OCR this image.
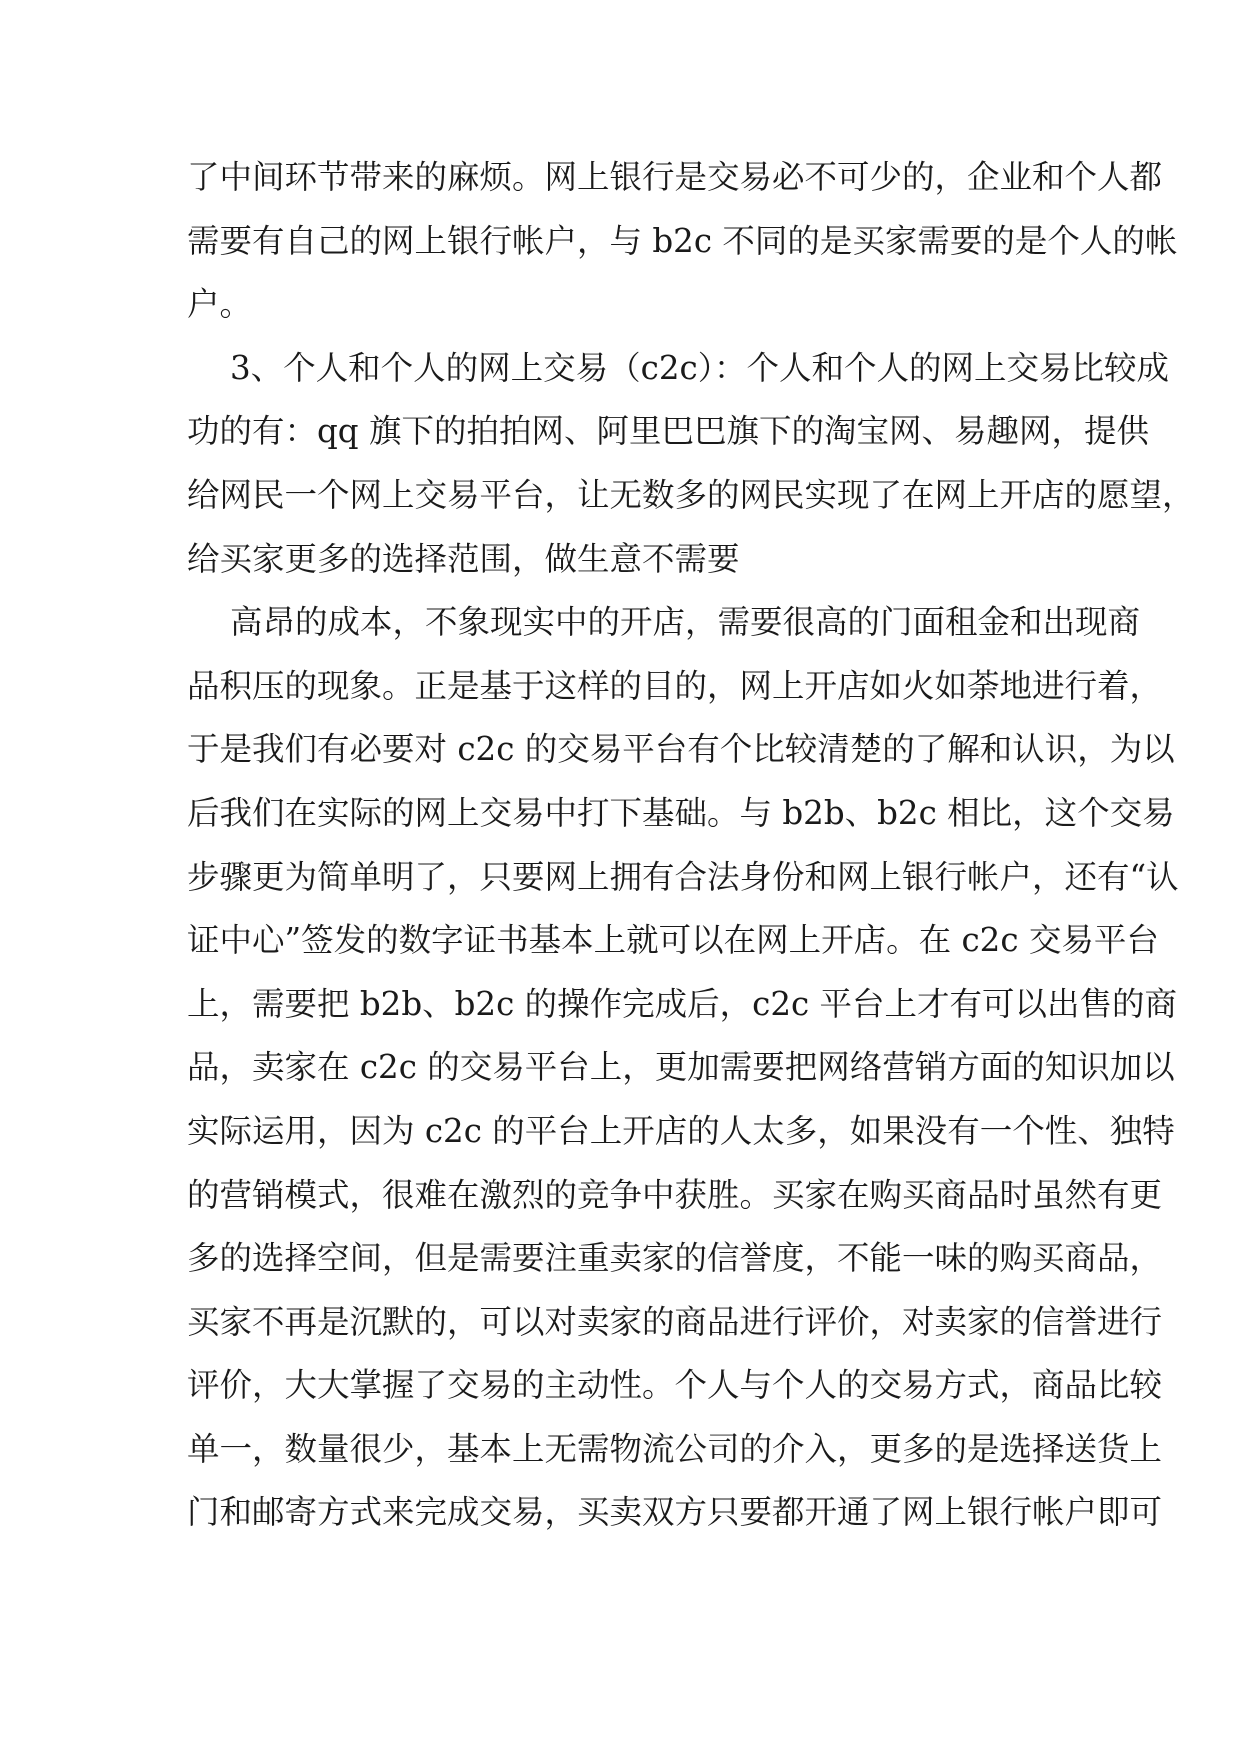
了中间环节带来的麻烦。网上银行是交易必不可少的，企业和个人都
需要有自己的网上银行帐户，与 b2c 不同的是买家需要的是个人的帐
户。
3、个人和个人的网上交易（c2c）：个人和个人的网上交易比较成
功的有：qq 旗下的拍拍网、阿里巴巴旗下的淘宝网、易趣网，提供
给网民一个网上交易平台，让无数多的网民实现了在网上开店的愿望，
给买家更多的选择范围，做生意不需要
高昂的成本，不象现实中的开店，需要很高的门面租金和出现商
品积压的现象。正是基于这样的目的，网上开店如火如荼地进行着，
于是我们有必要对 c2c 的交易平台有个比较清楚的了解和认识，为以
后我们在实际的网上交易中打下基础。与 b2b、b2c 相比，这个交易
步骤更为简单明了，只要网上拥有合法身份和网上银行帐户，还有“认
证中心”签发的数字证书基本上就可以在网上开店。在 c2c 交易平台
上，需要把 b2b、b2c 的操作完成后，c2c 平台上才有可以出售的商
品，卖家在 c2c 的交易平台上，更加需要把网络营销方面的知识加以
实际运用，因为 c2c 的平台上开店的人太多，如果没有一个性、独特
的营销模式，很难在激烈的竞争中获胜。买家在购买商品时虽然有更
多的选择空间，但是需要注重卖家的信誉度，不能一味的购买商品，
买家不再是沉默的，可以对卖家的商品进行评价，对卖家的信誉进行
评价，大大掌握了交易的主动性。个人与个人的交易方式，商品比较
单一，数量很少，基本上无需物流公司的介入，更多的是选择送货上
门和邮寄方式来完成交易，买卖双方只要都开通了网上银行帐户即可
